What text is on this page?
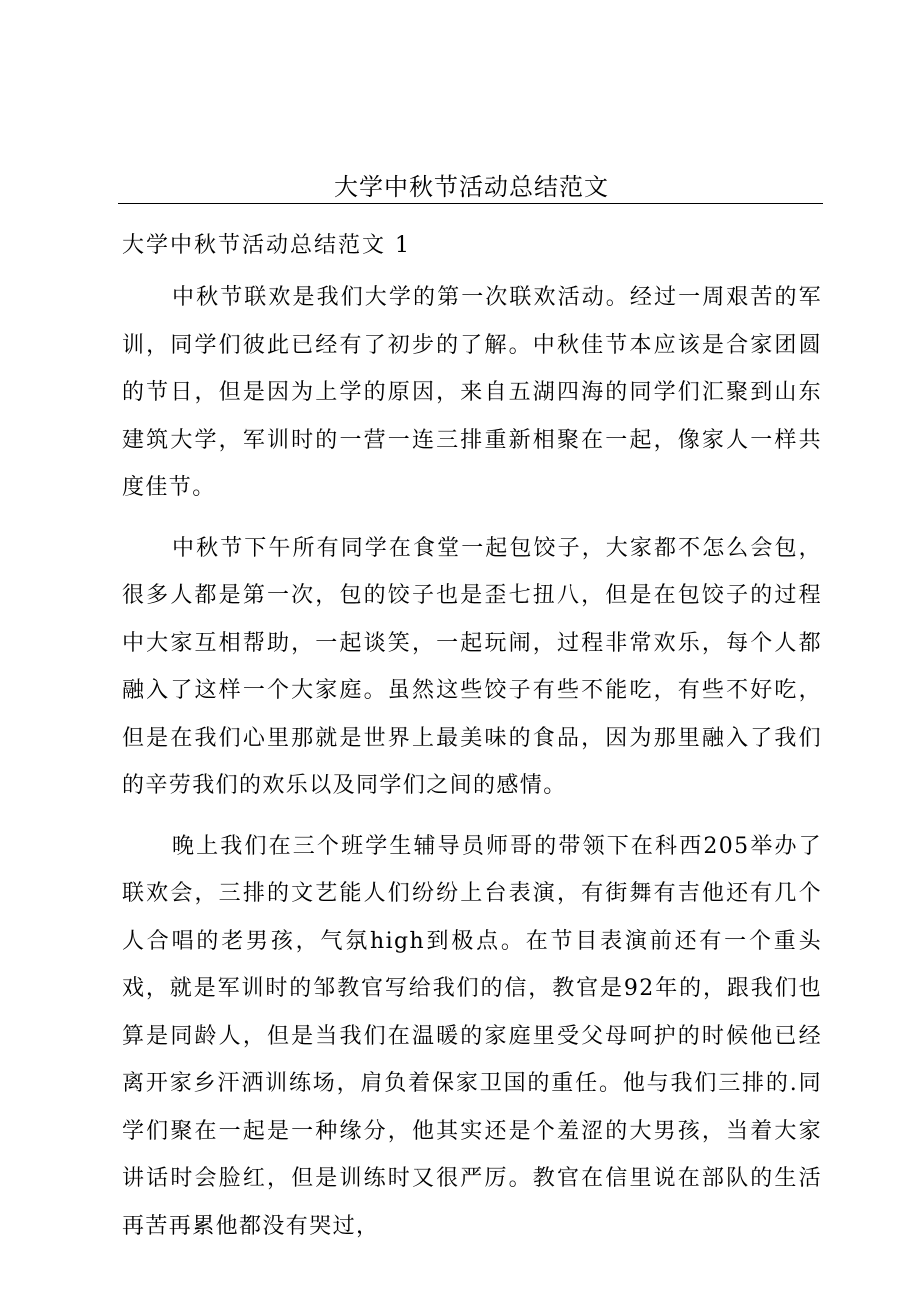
大学中秋节活动总结范文
大学中秋节活动总结范文 1

中秋节联欢是我们大学的第一次联欢活动。经过一周艰苦的军训，同学们彼此已经有了初步的了解。中秋佳节本应该是合家团圆的节日，但是因为上学的原因，来自五湖四海的同学们汇聚到山东建筑大学，军训时的一营一连三排重新相聚在一起，像家人一样共度佳节。

中秋节下午所有同学在食堂一起包饺子，大家都不怎么会包，很多人都是第一次，包的饺子也是歪七扭八，但是在包饺子的过程中大家互相帮助，一起谈笑，一起玩闹，过程非常欢乐，每个人都融入了这样一个大家庭。虽然这些饺子有些不能吃，有些不好吃，但是在我们心里那就是世界上最美味的食品，因为那里融入了我们的辛劳我们的欢乐以及同学们之间的感情。

晚上我们在三个班学生辅导员师哥的带领下在科西205举办了联欢会，三排的文艺能人们纷纷上台表演，有街舞有吉他还有几个人合唱的老男孩，气氛high到极点。在节目表演前还有一个重头戏，就是军训时的邹教官写给我们的信，教官是92年的，跟我们也算是同龄人，但是当我们在温暖的家庭里受父母呵护的时候他已经离开家乡汗洒训练场，肩负着保家卫国的重任。他与我们三排的.同学们聚在一起是一种缘分，他其实还是个羞涩的大男孩，当着大家讲话时会脸红，但是训练时又很严厉。教官在信里说在部队的生活再苦再累他都没有哭过，
